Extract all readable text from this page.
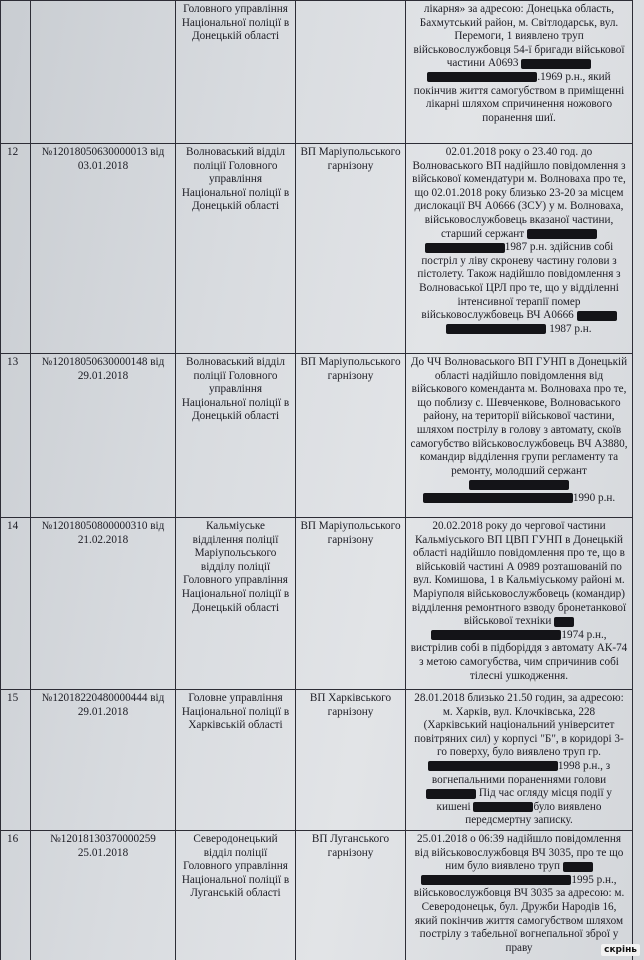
		Головного управління Національної поліції в Донецькій області		лікарня» за адресою: Донецька область, Бахмутський район, м. Світлодарськ, вул. Перемоги, 1 виявлено труп військовослужбовця 54-ї бригади військової частини А0693  .1969 р.н., який покінчив життя самогубством в приміщенні лікарні шляхом спричинення ножового поранення шиї.
12	№12018050630000013 від 03.01.2018	Волноваський відділ поліції Головного управління Національної поліції в Донецькій області	ВП Маріупольського гарнізону	02.01.2018 року о 23.40 год. до Волноваського ВП надійшло повідомлення з військової комендатури м. Волноваха про те, що 02.01.2018 року близько 23-20 за місцем дислокації ВЧ А0666 (ЗСУ) у м. Волноваха, військовослужбовець вказаної частини, старший сержант  1987 р.н. здійснив собі постріл у ліву скроневу частину голови з пістолету. Також надійшло повідомлення з Волноваської ЦРЛ про те, що у відділенні інтенсивної терапії помер військовослужбовець ВЧ А0666   1987 р.н.
13	№12018050630000148 від 29.01.2018	Волноваський відділ поліції Головного управління Національної поліції в Донецькій області	ВП Маріупольського гарнізону	До ЧЧ Волноваського ВП ГУНП в Донецькій області надійшло повідомлення від військового коменданта м. Волноваха про те, що поблизу с. Шевченкове, Волноваського району, на території військової частини, шляхом пострілу в голову з автомату, скоїв самогубство військовослужбовець ВЧ А3880, командир відділення групи регламенту та ремонту, молодший сержант  1990 р.н.
14	№12018050800000310 від 21.02.2018	Кальміуське відділення поліції Маріупольського відділу поліції Головного управління Національної поліції в Донецькій області	ВП Маріупольського гарнізону	20.02.2018 року до чергової частини Кальміуського ВП ЦВП ГУНП в Донецькій області надійшло повідомлення про те, що в військовій частині А 0989 розташованій по вул. Комишова, 1 в Кальміуському районі м. Маріуполя військовослужбовець (командир) відділення ремонтного взводу бронетанкової військової техніки  1974 р.н., вистрілив собі в підборіддя з автомату АК-74 з метою самогубства, чим спричинив собі тілесні ушкодження.
15	№12018220480000444 від 29.01.2018	Головне управління Національної поліції в Харківській області	ВП Харківського гарнізону	28.01.2018 близько 21.50 годин, за адресою: м. Харків, вул. Клочківська, 228 (Харківський національний університет повітряних сил) у корпусі "Б", в коридорі 3-го поверху, було виявлено труп гр. 1998 р.н., з вогнепальними пораненнями голови  Під час огляду місця події у кишені було виявлено передсмертну записку.
16	№12018130370000259 25.01.2018	Северодонецький відділ поліції Головного управління Національної поліції в Луганській області	ВП Луганського гарнізону	25.01.2018 о 06:39 надійшло повідомлення від військовослужбовця ВЧ 3035, про те що ним було виявлено труп  1995 р.н., військовослужбовця ВЧ 3035 за адресою: м. Северодонецьк, бул. Дружби Народів 16, який покінчив життя самогубством шляхом пострілу з табельної вогнепальної зброї у праву	скрінь
